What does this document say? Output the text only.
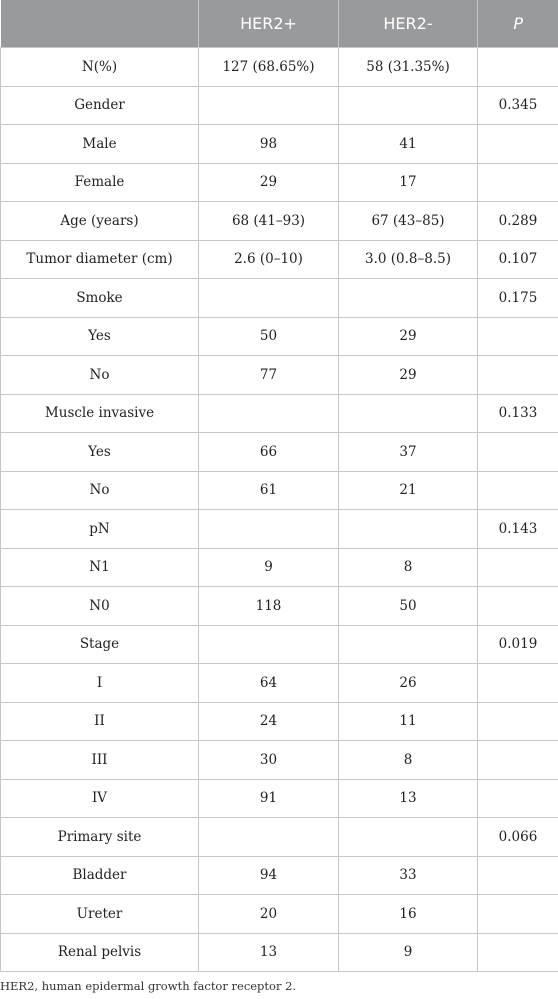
	HER2+	HER2-	P
N(%)	127 (68.65%)	58 (31.35%)	
Gender			0.345
Male	98	41	
Female	29	17	
Age (years)	68 (41–93)	67 (43–85)	0.289
Tumor diameter (cm)	2.6 (0–10)	3.0 (0.8–8.5)	0.107
Smoke			0.175
Yes	50	29	
No	77	29	
Muscle invasive			0.133
Yes	66	37	
No	61	21	
pN			0.143
N1	9	8	
N0	118	50	
Stage			0.019
I	64	26	
II	24	11	
III	30	8	
IV	91	13	
Primary site			0.066
Bladder	94	33	
Ureter	20	16	
Renal pelvis	13	9	
HER2, human epidermal growth factor receptor 2.
